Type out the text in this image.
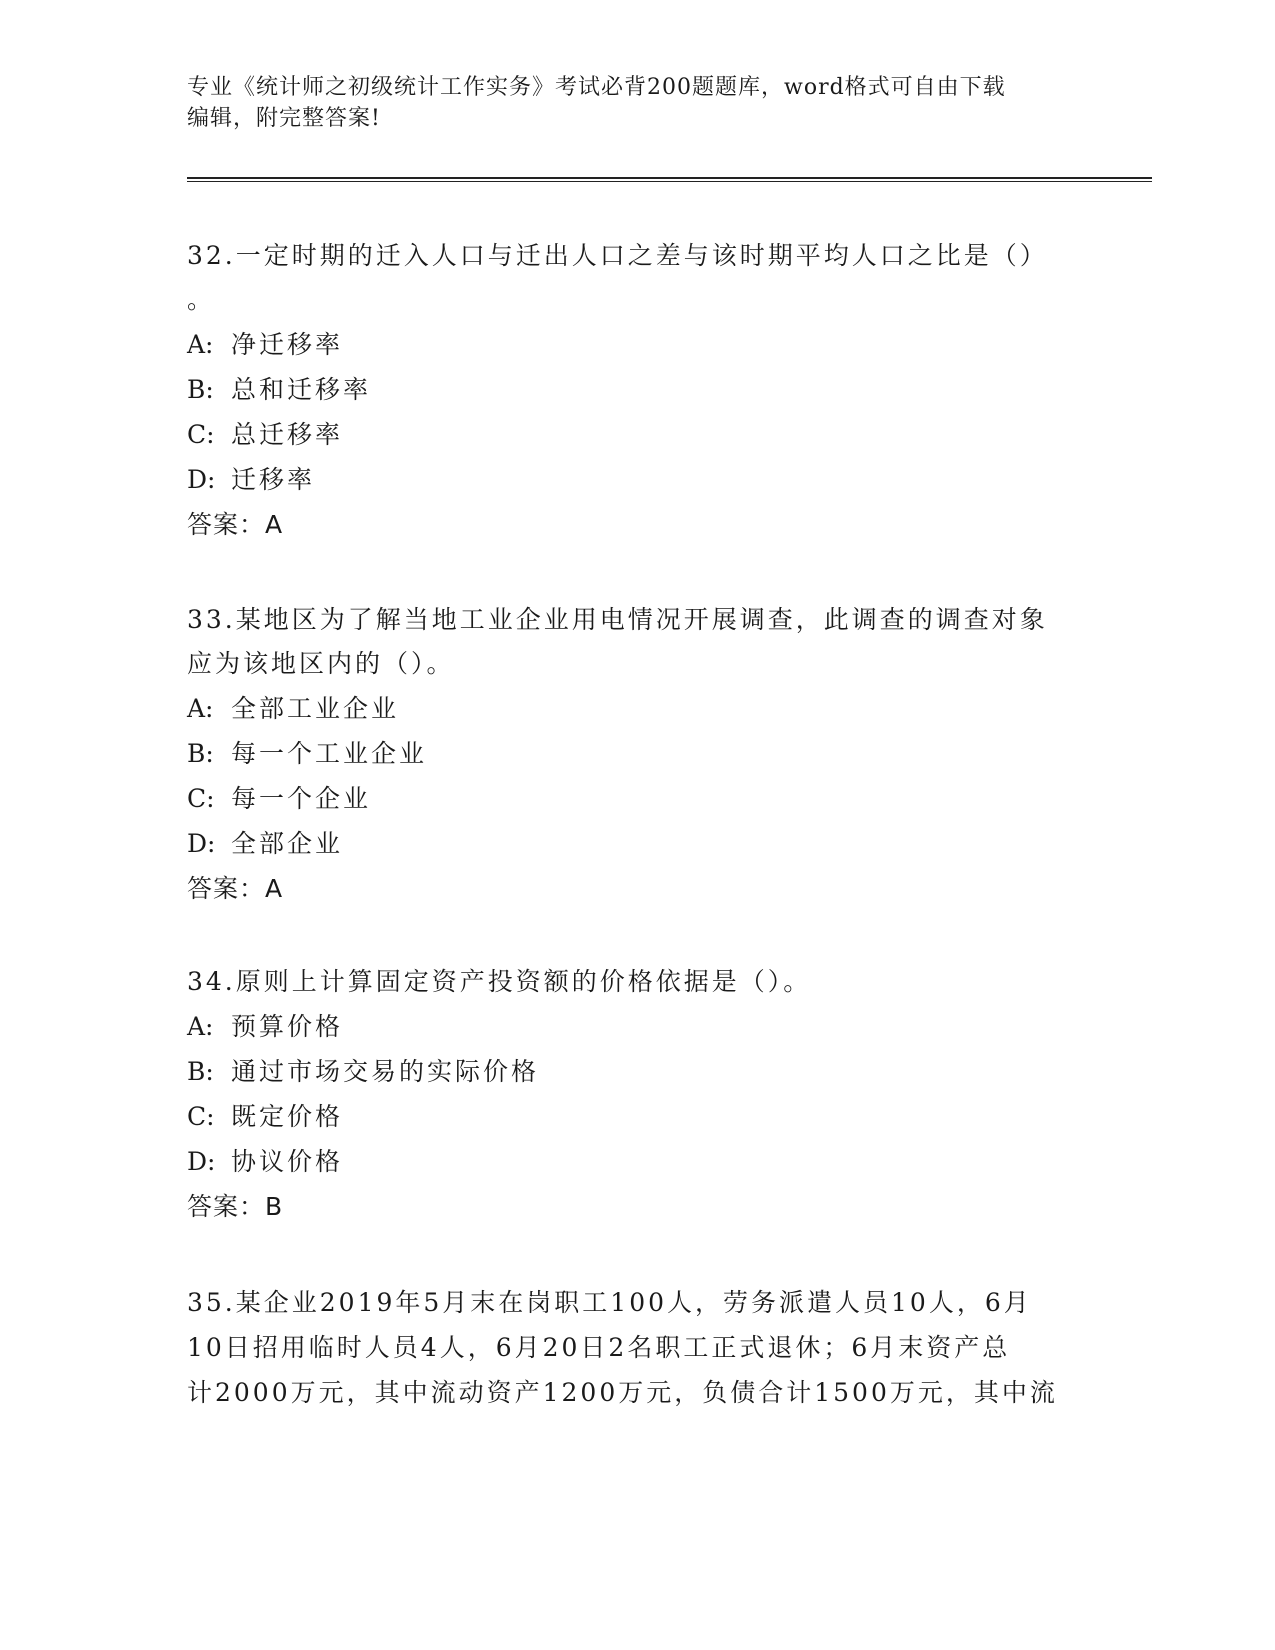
专业《统计师之初级统计工作实务》考试必背200题题库，word格式可自由下载
编辑，附完整答案!

32.一定时期的迁入人口与迁出人口之差与该时期平均人口之比是（）

。

A: 净迁移率

B: 总和迁移率

C: 总迁移率

D: 迁移率

答案：A

33.某地区为了解当地工业企业用电情况开展调查，此调查的调查对象

应为该地区内的（）。

A: 全部工业企业

B: 每一个工业企业

C: 每一个企业

D: 全部企业

答案：A

34.原则上计算固定资产投资额的价格依据是（）。

A: 预算价格

B: 通过市场交易的实际价格

C: 既定价格

D: 协议价格

答案：B

35.某企业2019年5月末在岗职工100人，劳务派遣人员10人，6月

10日招用临时人员4人，6月20日2名职工正式退休；6月末资产总

计2000万元，其中流动资产1200万元，负债合计1500万元，其中流
